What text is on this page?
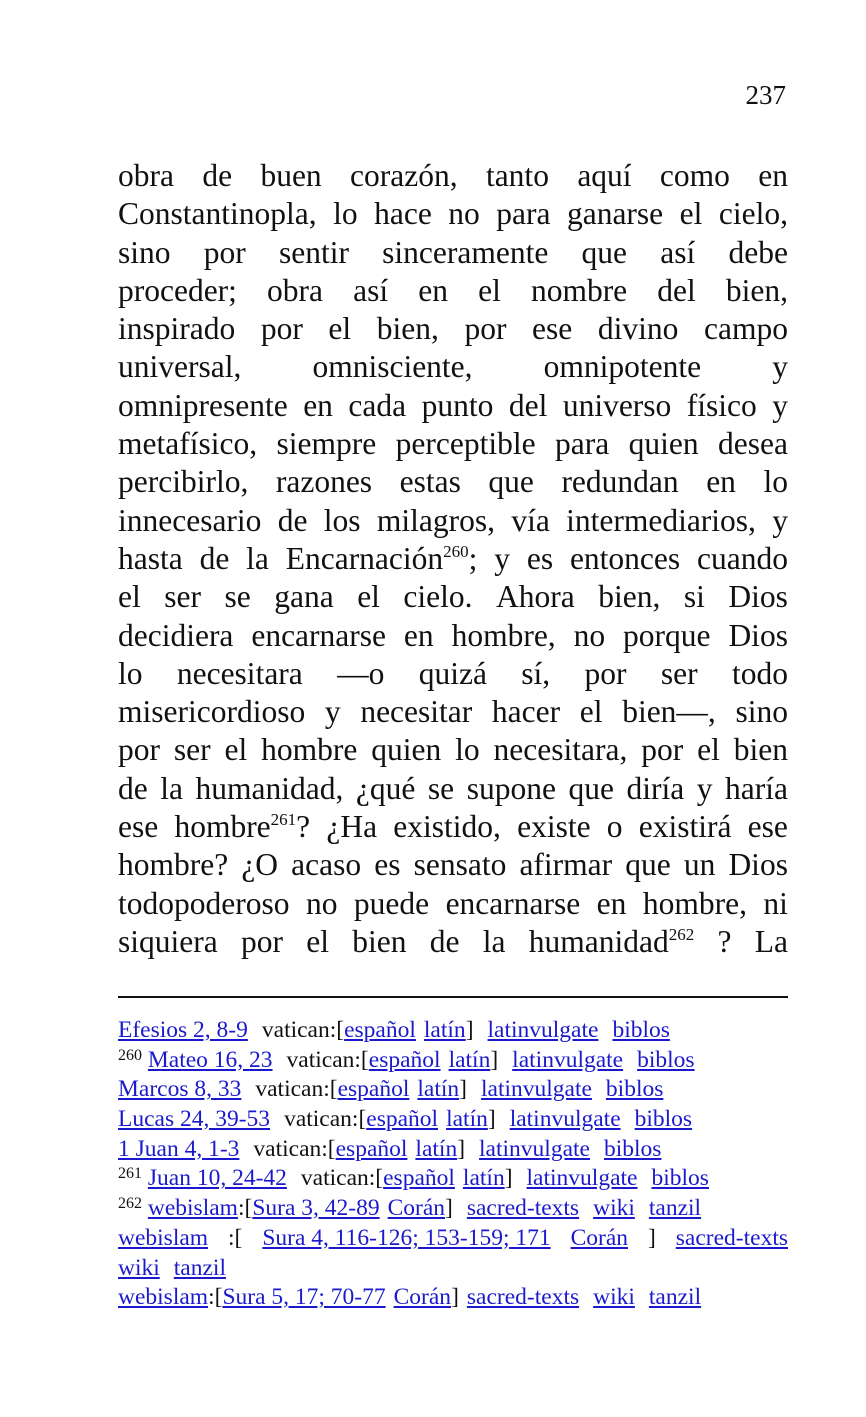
237
obra de buen corazón, tanto aquí como en
Constantinopla, lo hace no para ganarse el cielo,
sino por sentir sinceramente que así debe
proceder; obra así en el nombre del bien,
inspirado por el bien, por ese divino campo
universal, omnisciente, omnipotente y
omnipresente en cada punto del universo físico y
metafísico, siempre perceptible para quien desea
percibirlo, razones estas que redundan en lo
innecesario de los milagros, vía intermediarios, y
hasta de la Encarnación$^{260}$; y es entonces cuando
el ser se gana el cielo. Ahora bien, si Dios
decidiera encarnarse en hombre, no porque Dios
lo necesitara —o quizá sí, por ser todo
misericordioso y necesitar hacer el bien—, sino
por ser el hombre quien lo necesitara, por el bien
de la humanidad, ¿qué se supone que diría y haría
ese hombre$^{261}$? ¿Ha existido, existe o existirá ese
hombre? ¿O acaso es sensato afirmar que un Dios
todopoderoso no puede encarnarse en hombre, ni
siquiera por el bien de la humanidad$^{262}$ ? La
Efesios 2, 8-9 vatican:[español latín] latinvulgate biblos
$^{260}$ Mateo 16, 23 vatican:[español latín] latinvulgate biblos
Marcos 8, 33 vatican:[español latín] latinvulgate biblos
Lucas 24, 39-53 vatican:[español latín] latinvulgate biblos
1 Juan 4, 1-3 vatican:[español latín] latinvulgate biblos
$^{261}$ Juan 10, 24-42 vatican:[español latín] latinvulgate biblos
$^{262}$ webislam:[Sura 3, 42-89 Corán] sacred-texts wiki tanzil
webislam :[ Sura 4, 116-126; 153-159; 171 Corán ] sacred-texts
wiki tanzil
webislam:[Sura 5, 17; 70-77 Corán] sacred-texts wiki tanzil
